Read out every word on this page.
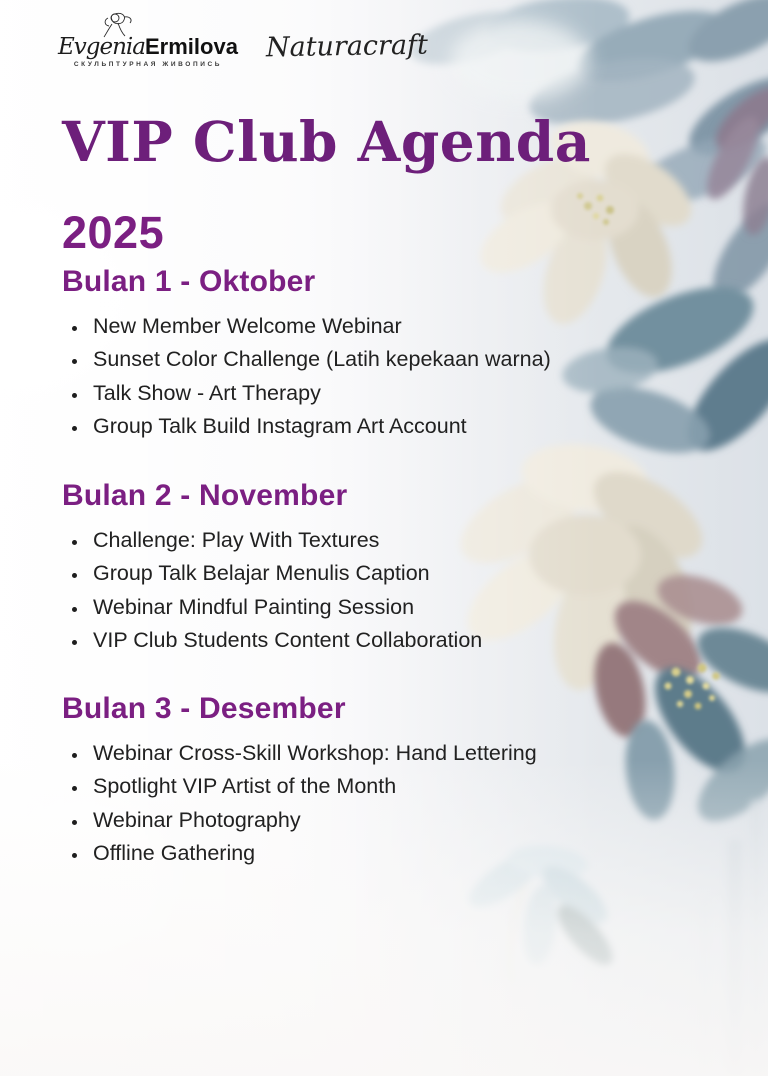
EvgeniaErmilova
СКУЛЬПТУРНАЯ ЖИВОПИСЬ
Naturacraft
VIP Club Agenda
2025
Bulan 1 - Oktober
• New Member Welcome Webinar
• Sunset Color Challenge (Latih kepekaan warna)
• Talk Show - Art Therapy
• Group Talk Build Instagram Art Account
Bulan 2 - November
• Challenge: Play With Textures
• Group Talk Belajar Menulis Caption
• Webinar Mindful Painting Session
• VIP Club Students Content Collaboration
Bulan 3 - Desember
• Webinar Cross-Skill Workshop: Hand Lettering
• Spotlight VIP Artist of the Month
• Webinar Photography
• Offline Gathering
